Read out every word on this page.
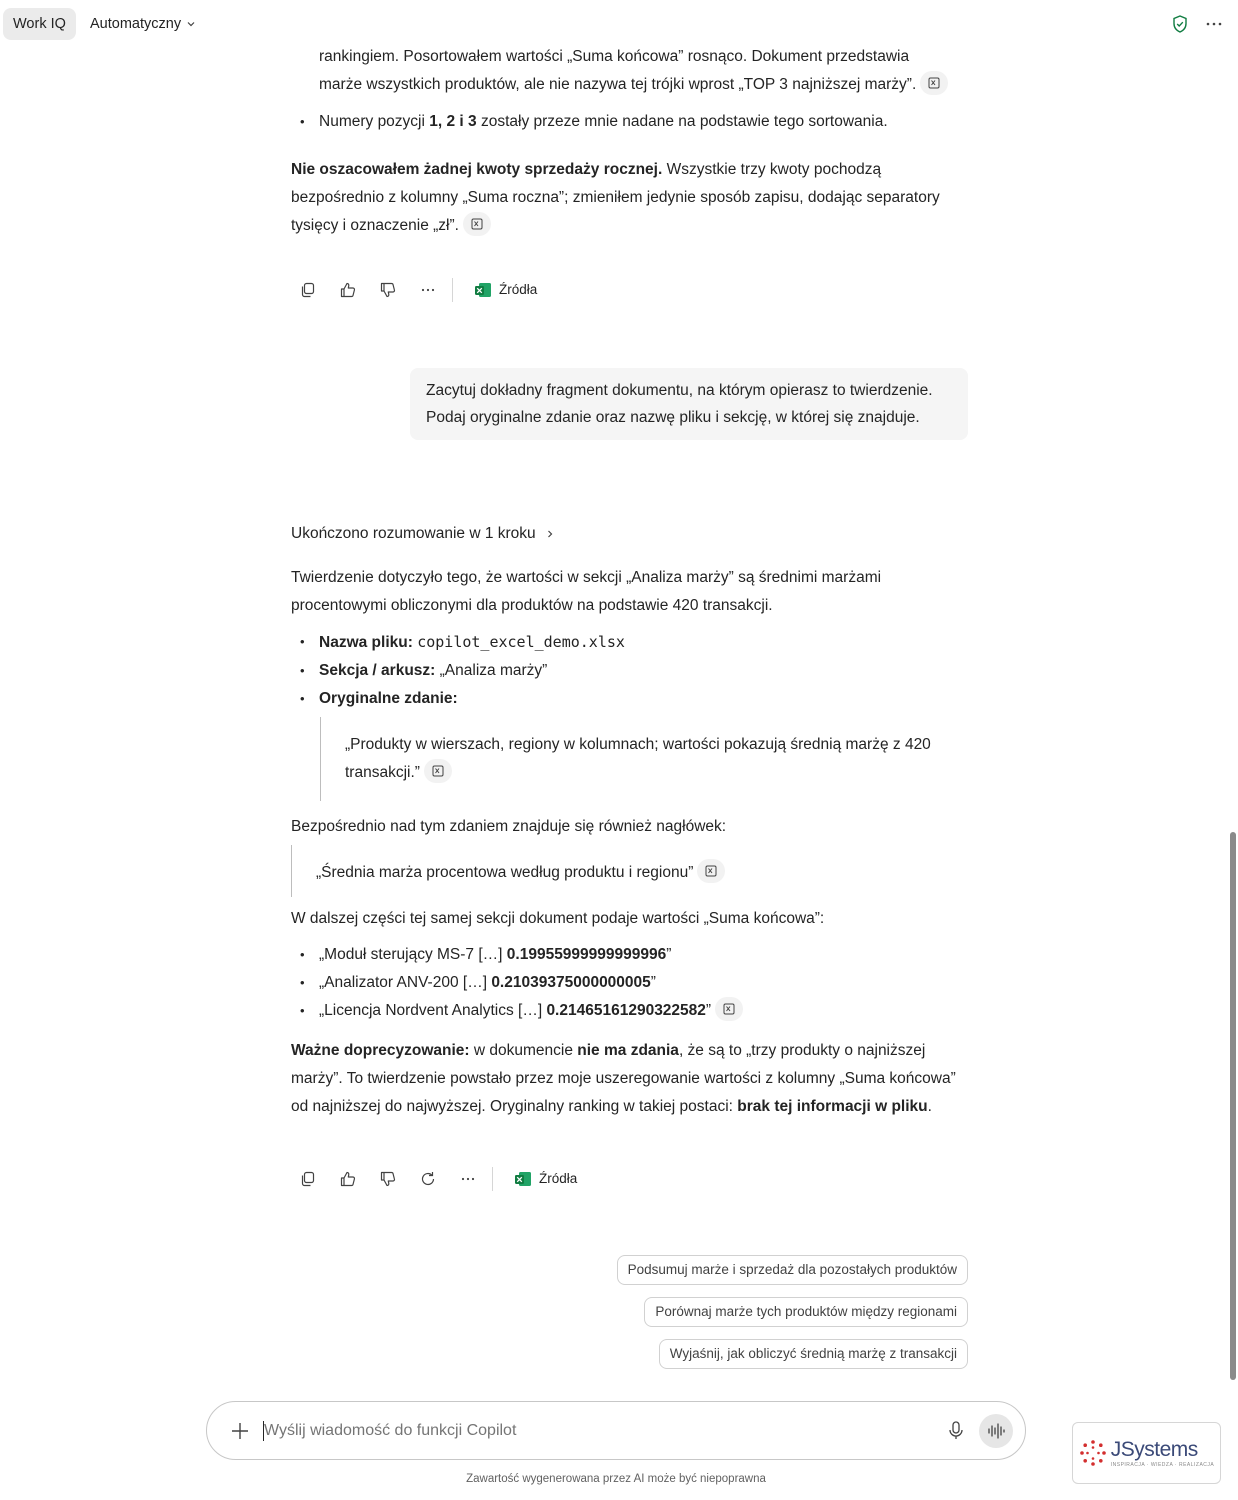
Work IQ	Automatyczny
rankingiem. Posortowałem wartości „Suma końcowa” rosnąco. Dokument przedstawia
marże wszystkich produktów, ale nie nazywa tej trójki wprost „TOP 3 najniższej marży”.
• Numery pozycji 1, 2 i 3 zostały przeze mnie nadane na podstawie tego sortowania.

Nie oszacowałem żadnej kwoty sprzedaży rocznej. Wszystkie trzy kwoty pochodzą bezpośrednio z kolumny „Suma roczna”; zmieniłem jedynie sposób zapisu, dodając separatory tysięcy i oznaczenie „zł”.

Źródła
Zacytuj dokładny fragment dokumentu, na którym opierasz to twierdzenie. Podaj oryginalne zdanie oraz nazwę pliku i sekcję, w której się znajduje.
Ukończono rozumowanie w 1 kroku

Twierdzenie dotyczyło tego, że wartości w sekcji „Analiza marży” są średnimi marżami procentowymi obliczonymi dla produktów na podstawie 420 transakcji.

• Nazwa pliku: copilot_excel_demo.xlsx
• Sekcja / arkusz: „Analiza marży”
• Oryginalne zdanie:
„Produkty w wierszach, regiony w kolumnach; wartości pokazują średnią marżę z 420 transakcji.”

Bezpośrednio nad tym zdaniem znajduje się również nagłówek:

„Średnia marża procentowa według produktu i regionu”

W dalszej części tej samej sekcji dokument podaje wartości „Suma końcowa”:

• „Moduł sterujący MS-7 […] 0.19955999999999996”
• „Analizator ANV-200 […] 0.21039375000000005”
• „Licencja Nordvent Analytics […] 0.21465161290322582”

Ważne doprecyzowanie: w dokumencie nie ma zdania, że są to „trzy produkty o najniższej marży”. To twierdzenie powstało przez moje uszeregowanie wartości z kolumny „Suma końcowa” od najniższej do najwyższej. Oryginalny ranking w takiej postaci: brak tej informacji w pliku.

Źródła
Podsumuj marże i sprzedaż dla pozostałych produktów
Porównaj marże tych produktów między regionami
Wyjaśnij, jak obliczyć średnią marżę z transakcji
Wyślij wiadomość do funkcji Copilot
Zawartość wygenerowana przez AI może być niepoprawna
JSystems
INSPIRACJA · WIEDZA · REALIZACJA
